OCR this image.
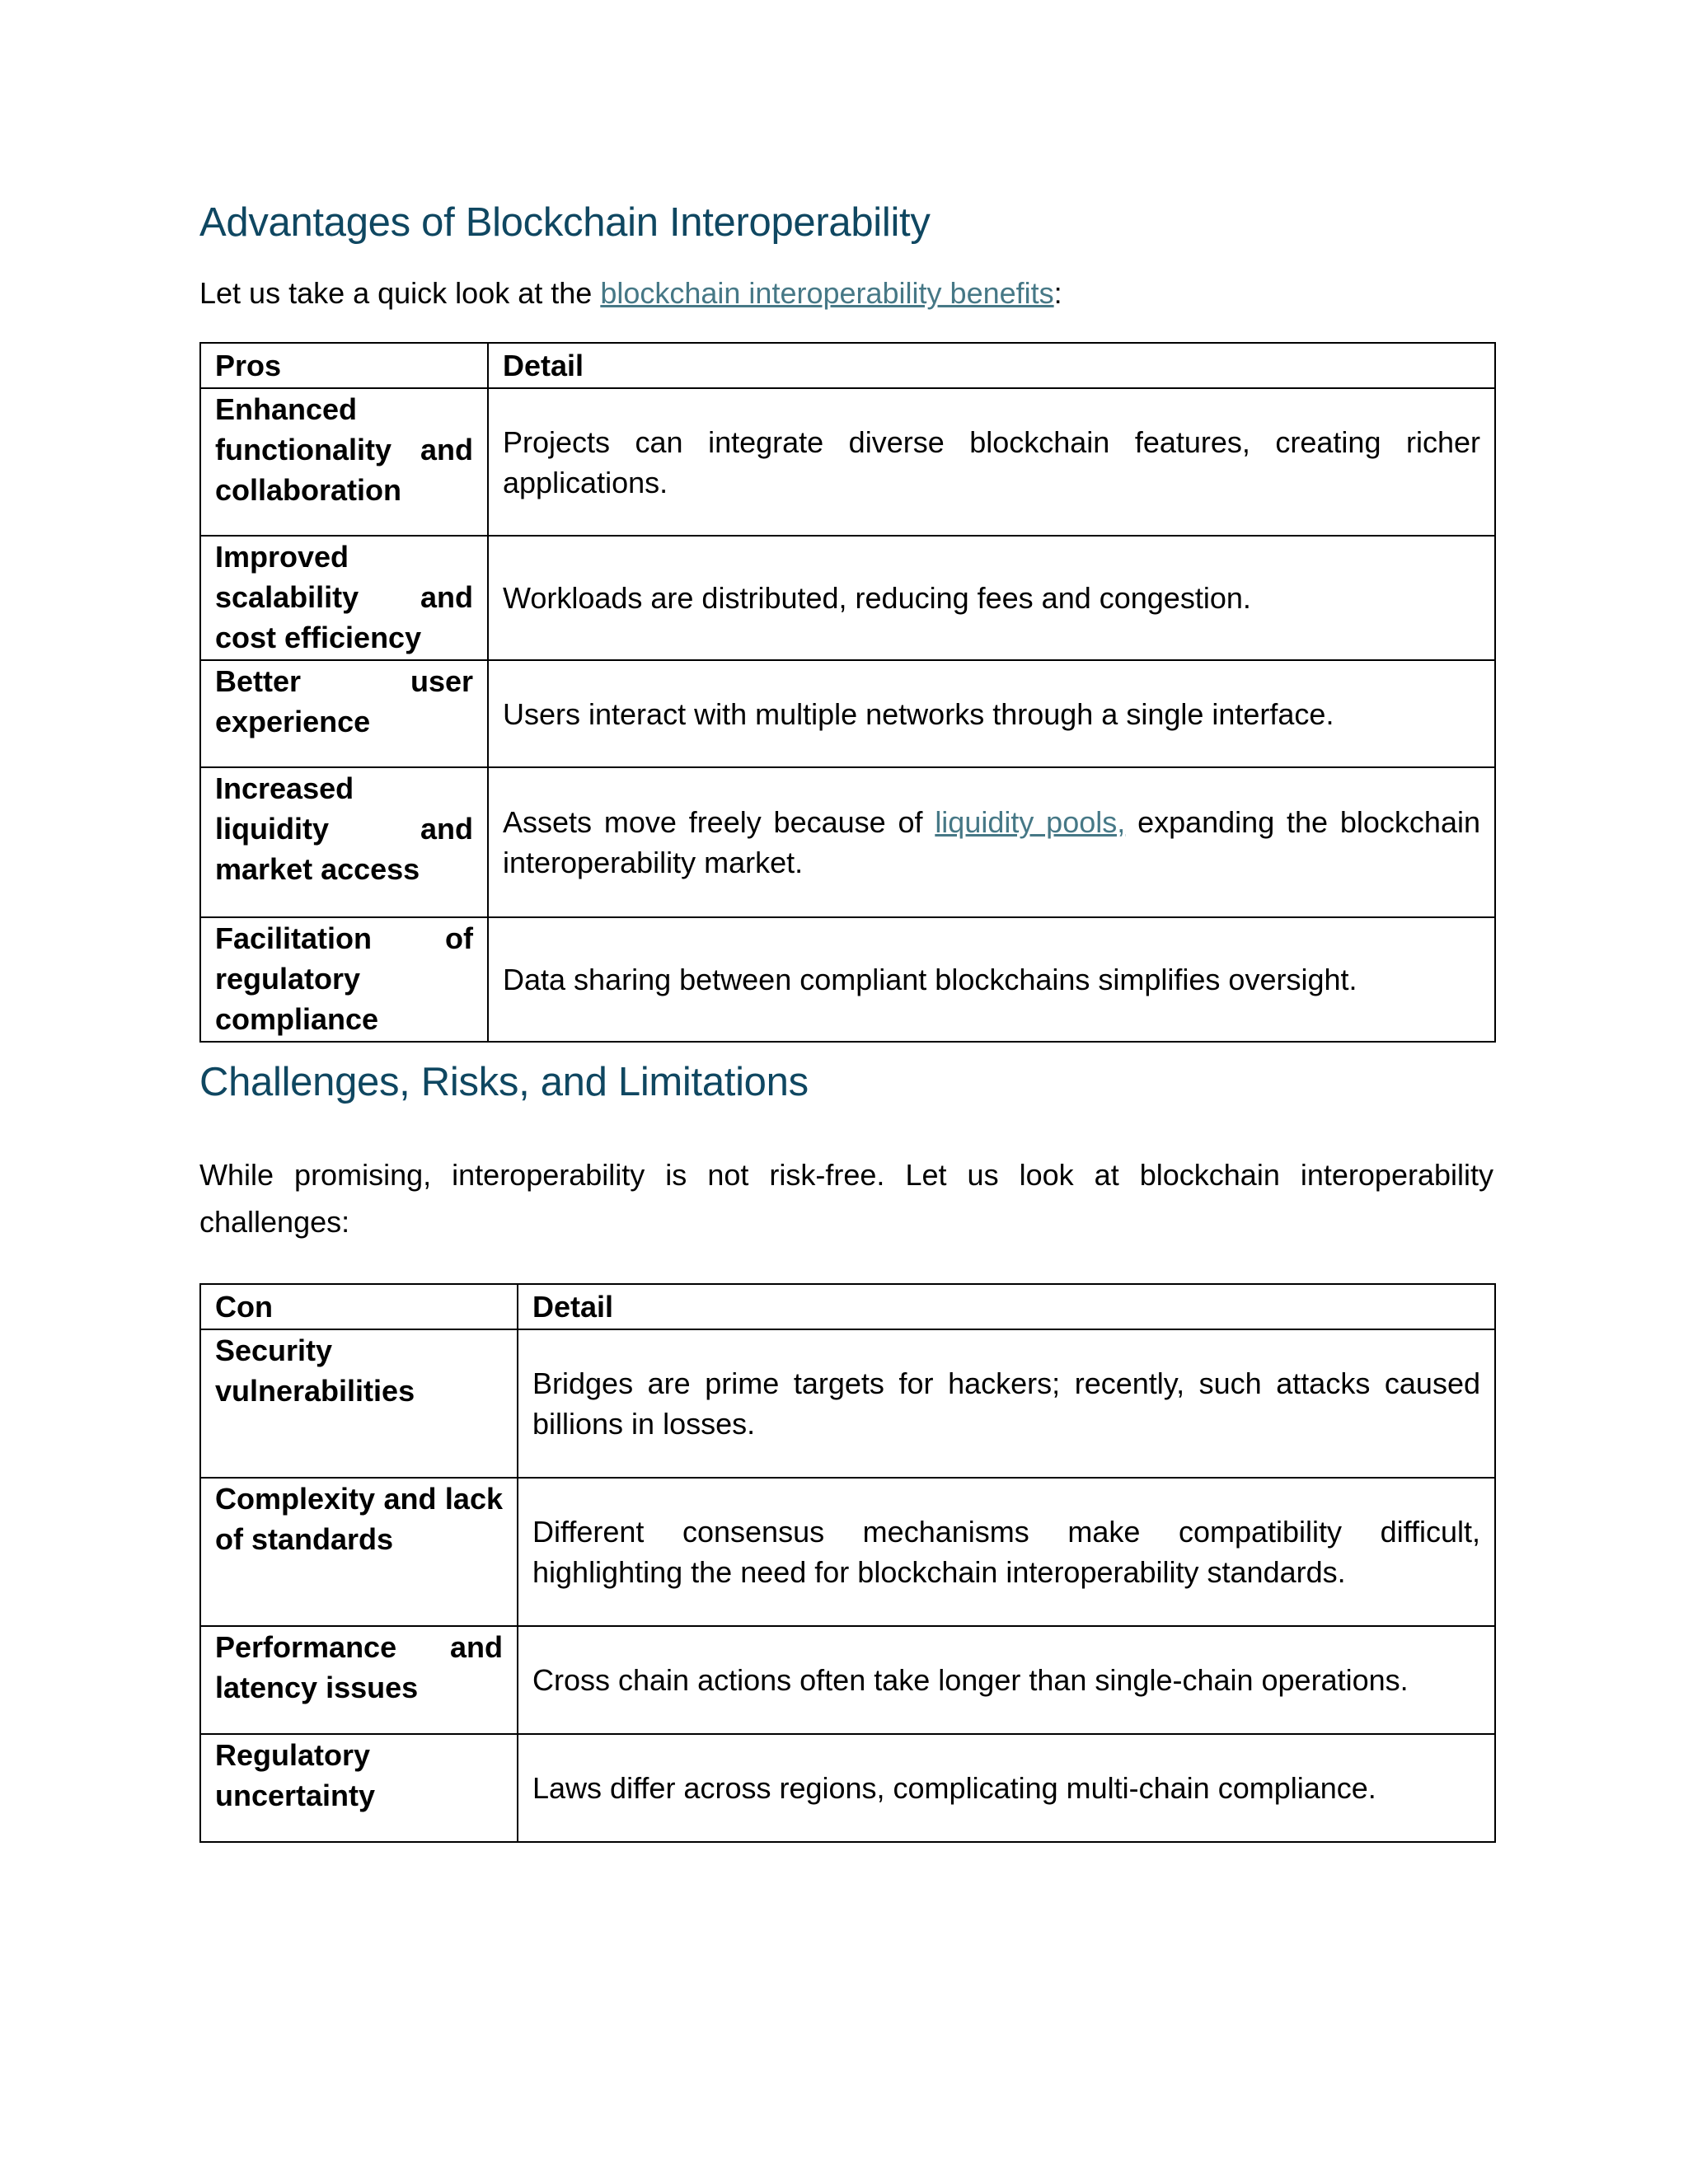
Advantages of Blockchain Interoperability

Let us take a quick look at the blockchain interoperability benefits:

Pros	Detail
Enhanced functionality and collaboration	Projects can integrate diverse blockchain features, creating richer applications.
Improved scalability and cost efficiency	Workloads are distributed, reducing fees and congestion.
Better user experience	Users interact with multiple networks through a single interface.
Increased liquidity and market access	Assets move freely because of liquidity pools, expanding the blockchain interoperability market.
Facilitation of regulatory compliance	Data sharing between compliant blockchains simplifies oversight.
Challenges, Risks, and Limitations

While promising, interoperability is not risk-free. Let us look at blockchain interoperability challenges:

Con	Detail
Security vulnerabilities	Bridges are prime targets for hackers; recently, such attacks caused billions in losses.
Complexity and lack of standards	Different consensus mechanisms make compatibility difficult, highlighting the need for blockchain interoperability standards.
Performance and latency issues	Cross chain actions often take longer than single-chain operations.
Regulatory uncertainty	Laws differ across regions, complicating multi-chain compliance.
